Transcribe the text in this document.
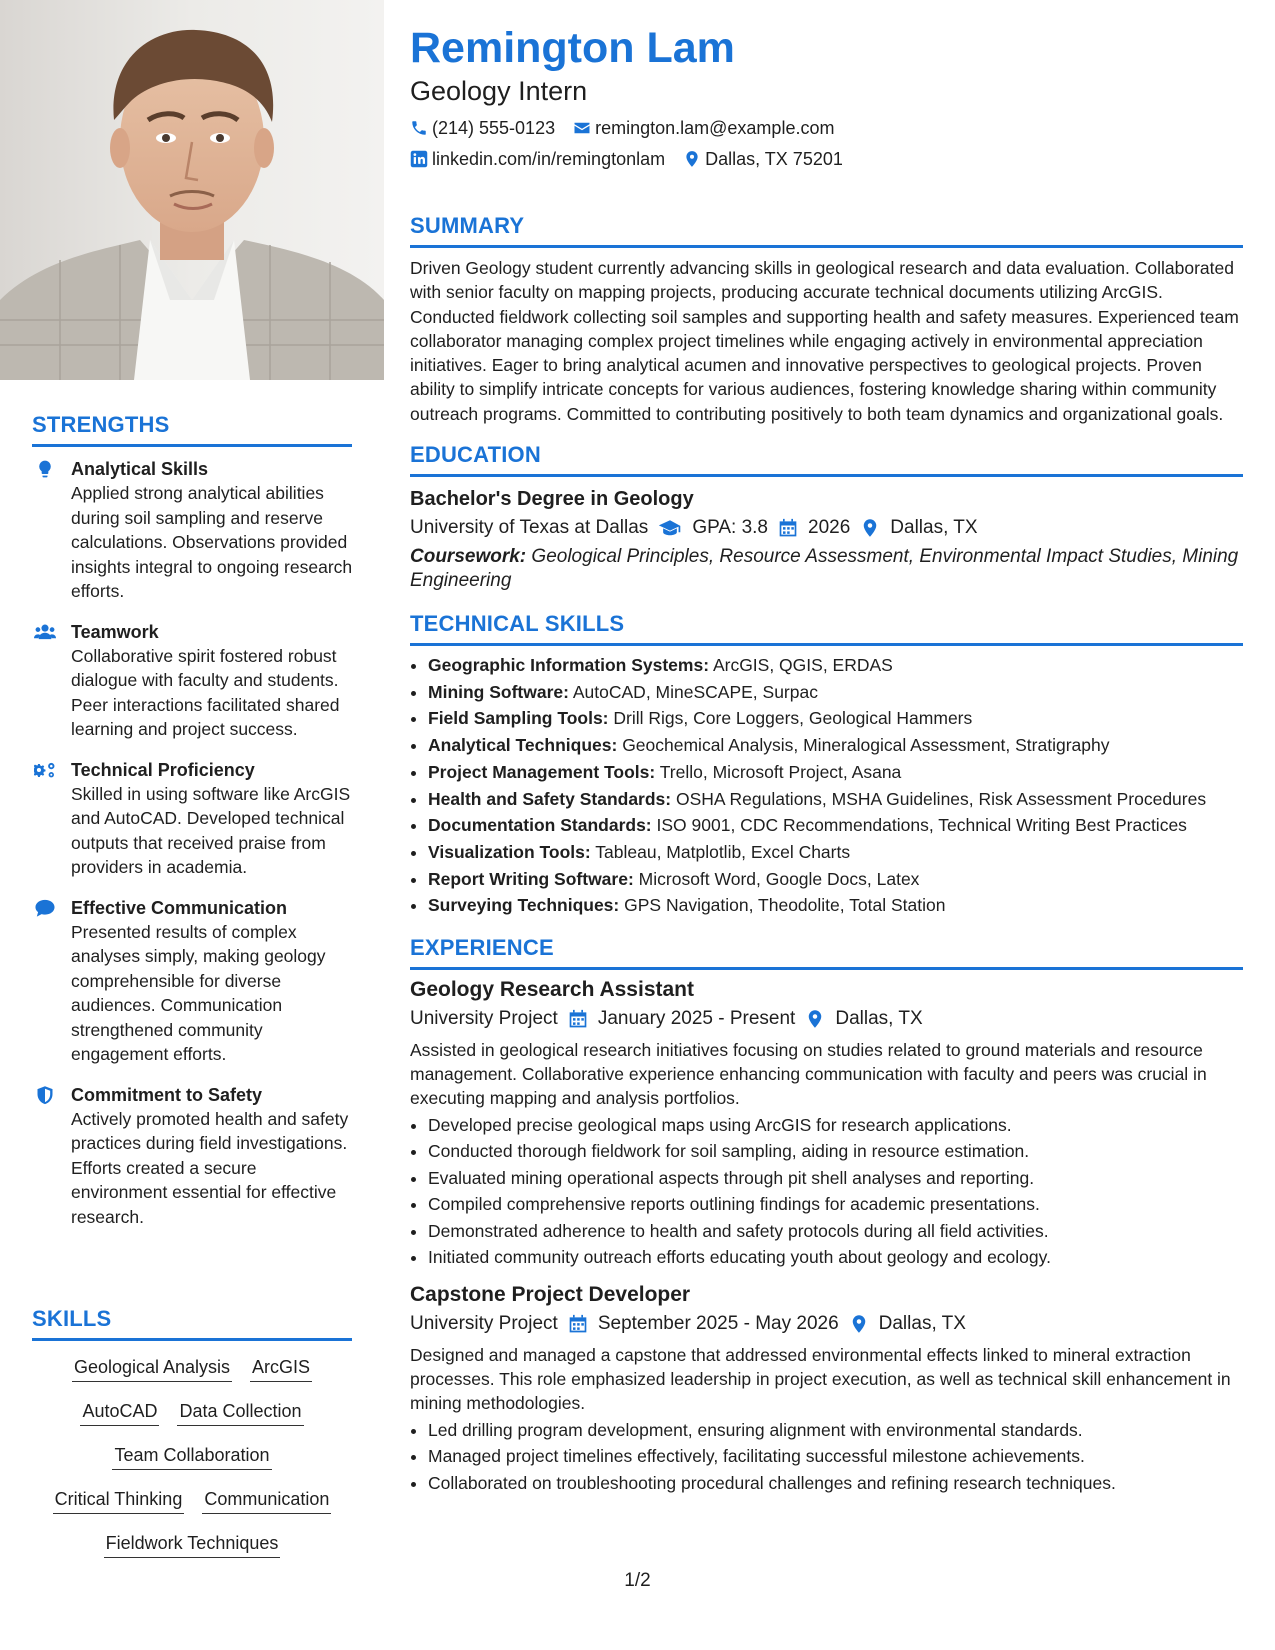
STRENGTHS
Analytical Skills
Applied strong analytical abilities during soil sampling and reserve calculations. Observations provided insights integral to ongoing research efforts.
Teamwork
Collaborative spirit fostered robust dialogue with faculty and students. Peer interactions facilitated shared learning and project success.
Technical Proficiency
Skilled in using software like ArcGIS and AutoCAD. Developed technical outputs that received praise from providers in academia.
Effective Communication
Presented results of complex analyses simply, making geology comprehensible for diverse audiences. Communication strengthened community engagement efforts.
Commitment to Safety
Actively promoted health and safety practices during field investigations. Efforts created a secure environment essential for effective research.
SKILLS
Geological Analysis ArcGIS
AutoCAD Data Collection
Team Collaboration
Critical Thinking Communication
Fieldwork Techniques
Remington Lam
Geology Intern
(214) 555-0123 remington.lam@example.com
linkedin.com/in/remingtonlam Dallas, TX 75201
SUMMARY

Driven Geology student currently advancing skills in geological research and data evaluation. Collaborated with senior faculty on mapping projects, producing accurate technical documents utilizing ArcGIS. Conducted fieldwork collecting soil samples and supporting health and safety measures. Experienced team collaborator managing complex project timelines while engaging actively in environmental appreciation initiatives. Eager to bring analytical acumen and innovative perspectives to geological projects. Proven ability to simplify intricate concepts for various audiences, fostering knowledge sharing within community outreach programs. Committed to contributing positively to both team dynamics and organizational goals.

EDUCATION
Bachelor's Degree in Geology
University of Texas at Dallas GPA: 3.8 2026 Dallas, TX
Coursework: Geological Principles, Resource Assessment, Environmental Impact Studies, Mining Engineering
TECHNICAL SKILLS
• Geographic Information Systems: ArcGIS, QGIS, ERDAS
• Mining Software: AutoCAD, MineSCAPE, Surpac
• Field Sampling Tools: Drill Rigs, Core Loggers, Geological Hammers
• Analytical Techniques: Geochemical Analysis, Mineralogical Assessment, Stratigraphy
• Project Management Tools: Trello, Microsoft Project, Asana
• Health and Safety Standards: OSHA Regulations, MSHA Guidelines, Risk Assessment Procedures
• Documentation Standards: ISO 9001, CDC Recommendations, Technical Writing Best Practices
• Visualization Tools: Tableau, Matplotlib, Excel Charts
• Report Writing Software: Microsoft Word, Google Docs, Latex
• Surveying Techniques: GPS Navigation, Theodolite, Total Station
EXPERIENCE
Geology Research Assistant
University Project January 2025 - Present Dallas, TX
Assisted in geological research initiatives focusing on studies related to ground materials and resource management. Collaborative experience enhancing communication with faculty and peers was crucial in executing mapping and analysis portfolios.
• Developed precise geological maps using ArcGIS for research applications.
• Conducted thorough fieldwork for soil sampling, aiding in resource estimation.
• Evaluated mining operational aspects through pit shell analyses and reporting.
• Compiled comprehensive reports outlining findings for academic presentations.
• Demonstrated adherence to health and safety protocols during all field activities.
• Initiated community outreach efforts educating youth about geology and ecology.
Capstone Project Developer
University Project September 2025 - May 2026 Dallas, TX
Designed and managed a capstone that addressed environmental effects linked to mineral extraction processes. This role emphasized leadership in project execution, as well as technical skill enhancement in mining methodologies.
• Led drilling program development, ensuring alignment with environmental standards.
• Managed project timelines effectively, facilitating successful milestone achievements.
• Collaborated on troubleshooting procedural challenges and refining research techniques.
1/2
